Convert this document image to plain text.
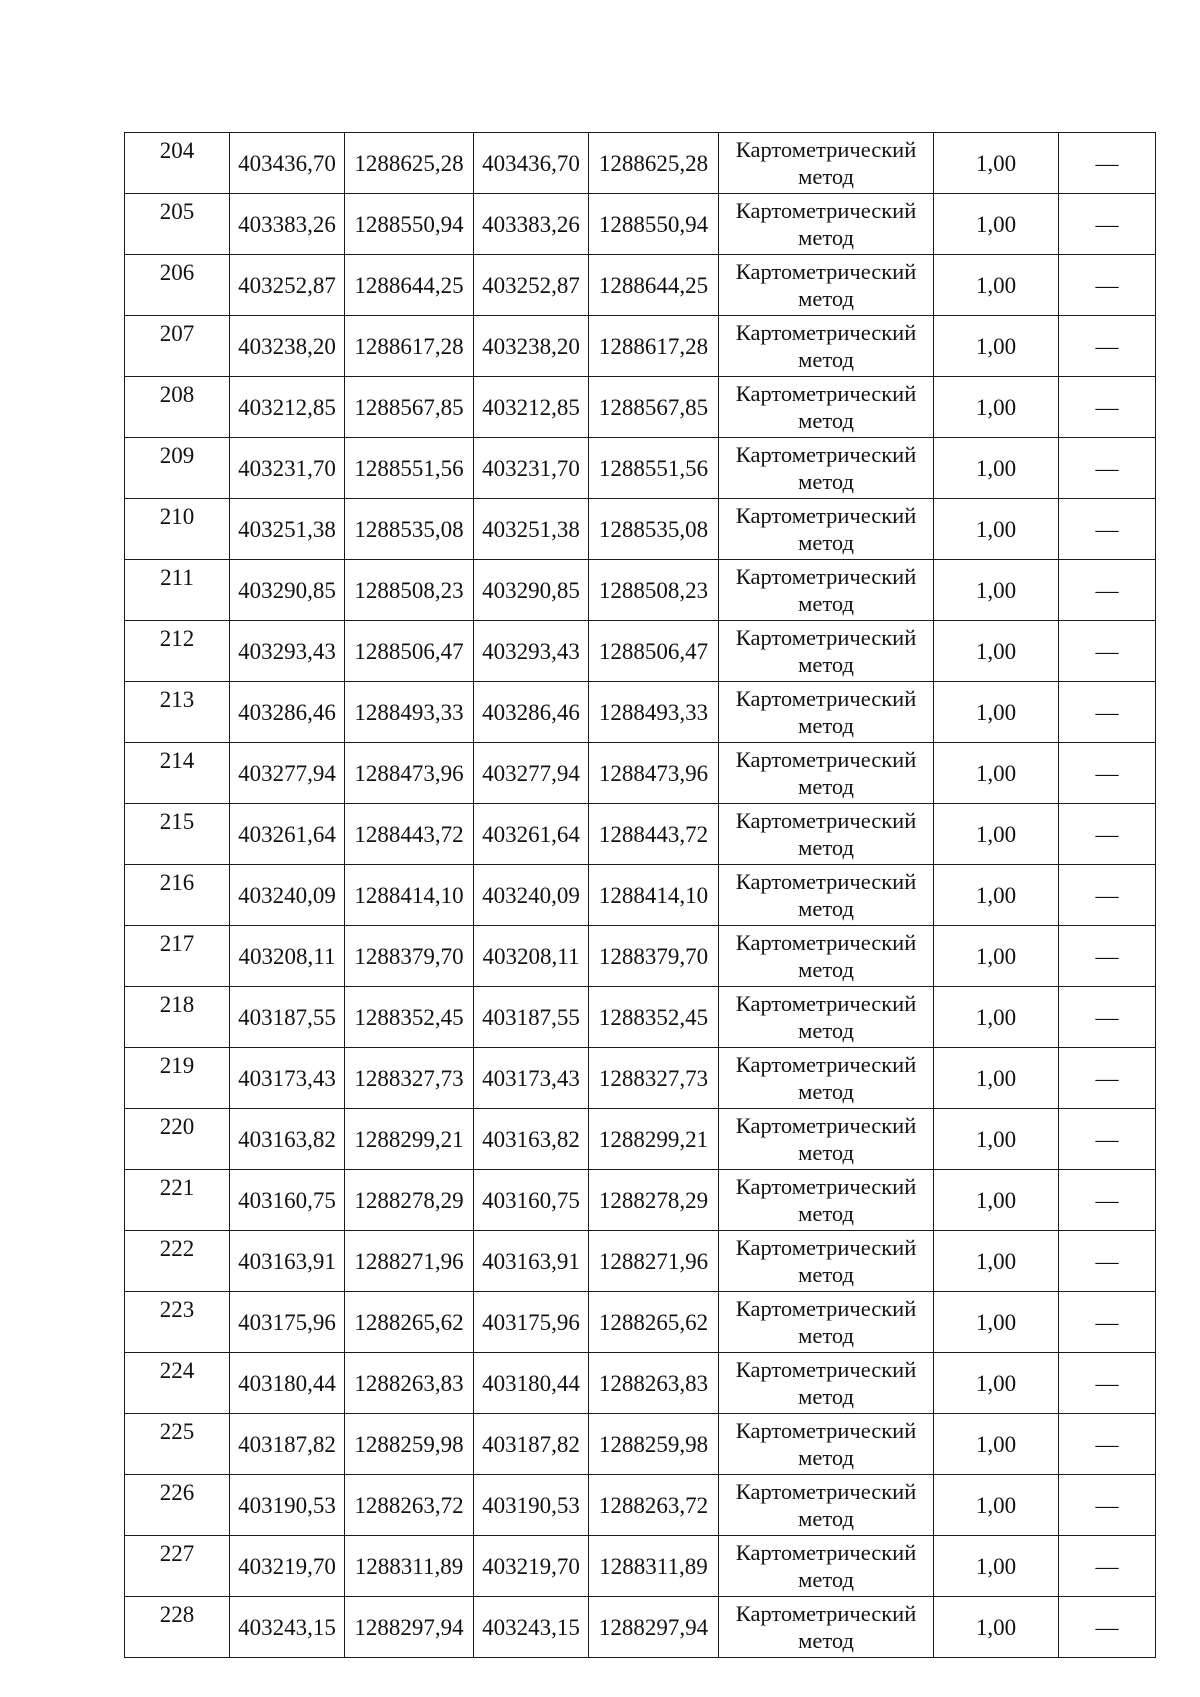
204	403436,70	1288625,28	403436,70	1288625,28	Картометрический
метод	1,00	—
205	403383,26	1288550,94	403383,26	1288550,94	Картометрический
метод	1,00	—
206	403252,87	1288644,25	403252,87	1288644,25	Картометрический
метод	1,00	—
207	403238,20	1288617,28	403238,20	1288617,28	Картометрический
метод	1,00	—
208	403212,85	1288567,85	403212,85	1288567,85	Картометрический
метод	1,00	—
209	403231,70	1288551,56	403231,70	1288551,56	Картометрический
метод	1,00	—
210	403251,38	1288535,08	403251,38	1288535,08	Картометрический
метод	1,00	—
211	403290,85	1288508,23	403290,85	1288508,23	Картометрический
метод	1,00	—
212	403293,43	1288506,47	403293,43	1288506,47	Картометрический
метод	1,00	—
213	403286,46	1288493,33	403286,46	1288493,33	Картометрический
метод	1,00	—
214	403277,94	1288473,96	403277,94	1288473,96	Картометрический
метод	1,00	—
215	403261,64	1288443,72	403261,64	1288443,72	Картометрический
метод	1,00	—
216	403240,09	1288414,10	403240,09	1288414,10	Картометрический
метод	1,00	—
217	403208,11	1288379,70	403208,11	1288379,70	Картометрический
метод	1,00	—
218	403187,55	1288352,45	403187,55	1288352,45	Картометрический
метод	1,00	—
219	403173,43	1288327,73	403173,43	1288327,73	Картометрический
метод	1,00	—
220	403163,82	1288299,21	403163,82	1288299,21	Картометрический
метод	1,00	—
221	403160,75	1288278,29	403160,75	1288278,29	Картометрический
метод	1,00	—
222	403163,91	1288271,96	403163,91	1288271,96	Картометрический
метод	1,00	—
223	403175,96	1288265,62	403175,96	1288265,62	Картометрический
метод	1,00	—
224	403180,44	1288263,83	403180,44	1288263,83	Картометрический
метод	1,00	—
225	403187,82	1288259,98	403187,82	1288259,98	Картометрический
метод	1,00	—
226	403190,53	1288263,72	403190,53	1288263,72	Картометрический
метод	1,00	—
227	403219,70	1288311,89	403219,70	1288311,89	Картометрический
метод	1,00	—
228	403243,15	1288297,94	403243,15	1288297,94	Картометрический
метод	1,00	—
